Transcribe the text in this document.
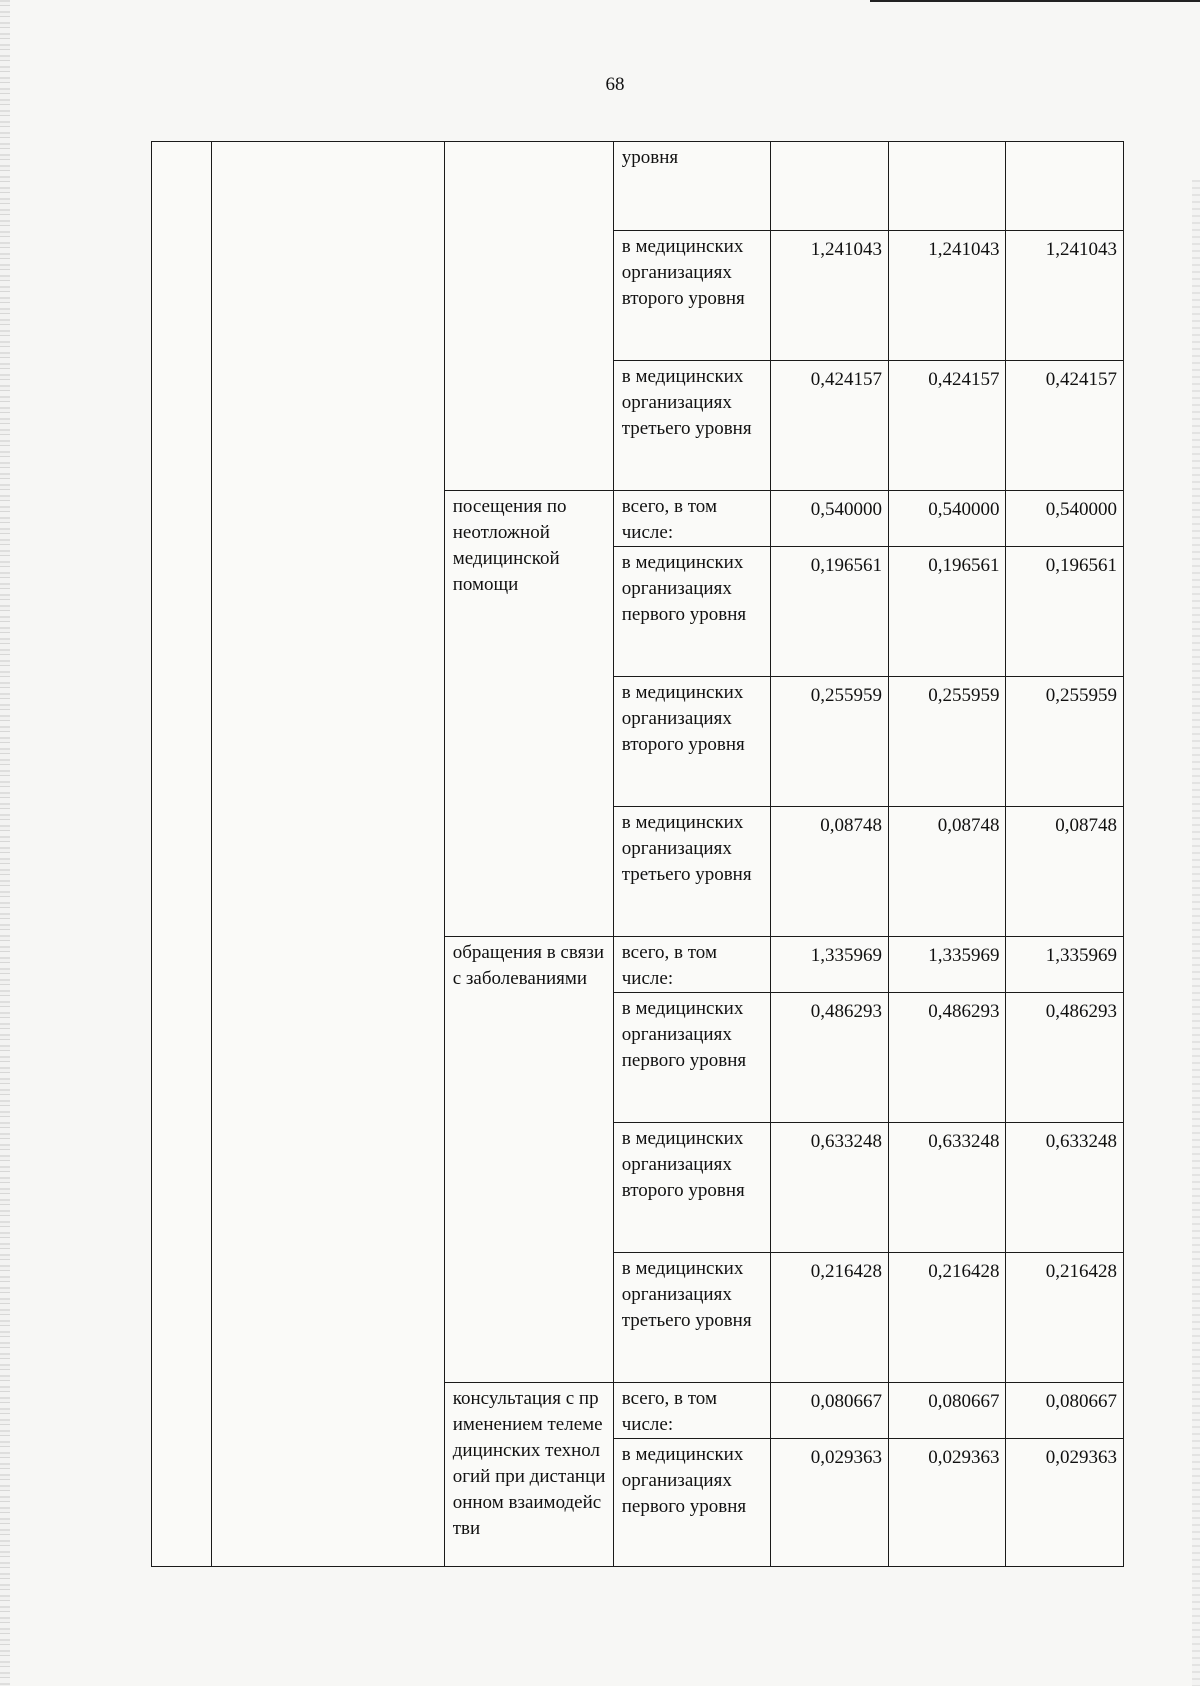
68
			уровня			
			в медицинских организациях второго уровня	1,241043	1,241043	1,241043
			в медицинских организациях третьего уровня	0,424157	0,424157	0,424157
		посещения по неотложной медицинской помощи	всего, в том числе:	0,540000	0,540000	0,540000
			в медицинских организациях первого уровня	0,196561	0,196561	0,196561
			в медицинских организациях второго уровня	0,255959	0,255959	0,255959
			в медицинских организациях третьего уровня	0,08748	0,08748	0,08748
		обращения в связи с заболеваниями	всего, в том числе:	1,335969	1,335969	1,335969
			в медицинских организациях первого уровня	0,486293	0,486293	0,486293
			в медицинских организациях второго уровня	0,633248	0,633248	0,633248
			в медицинских организациях третьего уровня	0,216428	0,216428	0,216428
		консультация с применением телемедицинских технологий при дистанционном взаимодействи	всего, в том числе:	0,080667	0,080667	0,080667
			в медицинских организациях первого уровня	0,029363	0,029363	0,029363
